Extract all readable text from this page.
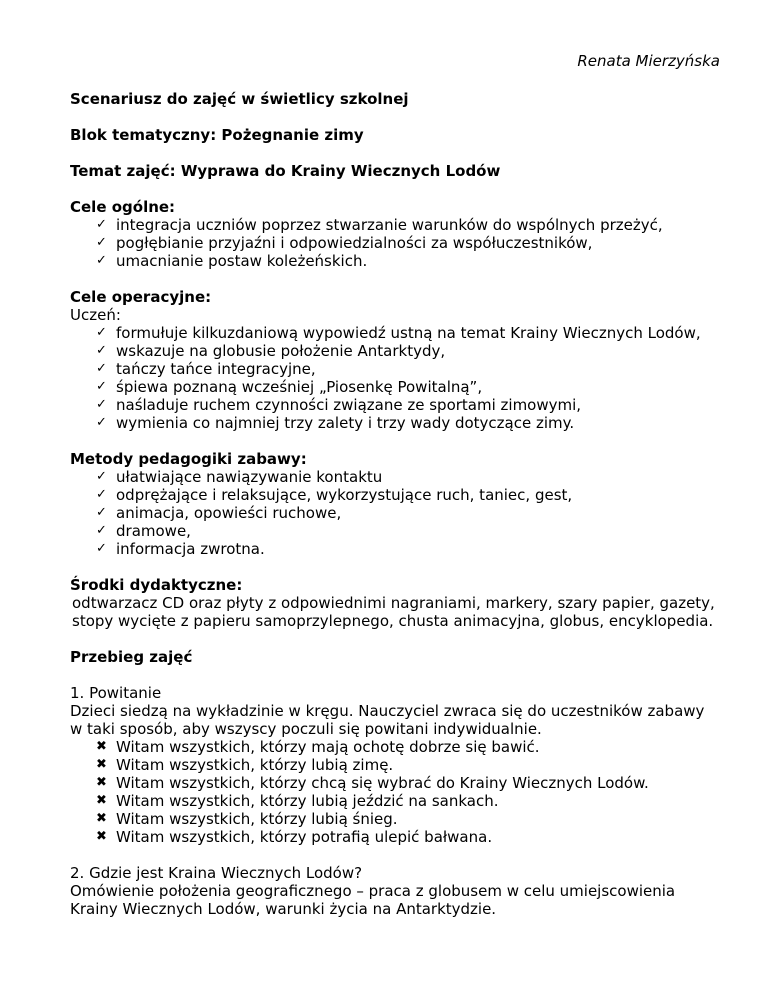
Renata Mierzyńska

Scenariusz do zajęć w świetlicy szkolnej

Blok tematyczny: Pożegnanie zimy

Temat zajęć: Wyprawa do Krainy Wiecznych Lodów

Cele ogólne:

✓ integracja uczniów poprzez stwarzanie warunków do wspólnych przeżyć,
✓ pogłębianie przyjaźni i odpowiedzialności za współuczestników,
✓ umacnianie postaw koleżeńskich.

Cele operacyjne:

Uczeń:

✓ formułuje kilkuzdaniową wypowiedź ustną na temat Krainy Wiecznych Lodów,
✓ wskazuje na globusie położenie Antarktydy,
✓ tańczy tańce integracyjne,
✓ śpiewa poznaną wcześniej „Piosenkę Powitalną”,
✓ naśladuje ruchem czynności związane ze sportami zimowymi,
✓ wymienia co najmniej trzy zalety i trzy wady dotyczące zimy.

Metody pedagogiki zabawy:

✓ ułatwiające nawiązywanie kontaktu
✓ odprężające i relaksujące, wykorzystujące ruch, taniec, gest,
✓ animacja, opowieści ruchowe,
✓ dramowe,
✓ informacja zwrotna.

Środki dydaktyczne:

odtwarzacz CD oraz płyty z odpowiednimi nagraniami, markery, szary papier, gazety, stopy wycięte z papieru samoprzylepnego, chusta animacyjna, globus, encyklopedia.

Przebieg zajęć

1. Powitanie

Dzieci siedzą na wykładzinie w kręgu. Nauczyciel zwraca się do uczestników zabawy w taki sposób, aby wszyscy poczuli się powitani indywidualnie.

✖ Witam wszystkich, którzy mają ochotę dobrze się bawić.
✖ Witam wszystkich, którzy lubią zimę.
✖ Witam wszystkich, którzy chcą się wybrać do Krainy Wiecznych Lodów.
✖ Witam wszystkich, którzy lubią jeździć na sankach.
✖ Witam wszystkich, którzy lubią śnieg.
✖ Witam wszystkich, którzy potrafią ulepić bałwana.

2. Gdzie jest Kraina Wiecznych Lodów?

Omówienie położenia geograficznego – praca z globusem w celu umiejscowienia Krainy Wiecznych Lodów, warunki życia na Antarktydzie.
